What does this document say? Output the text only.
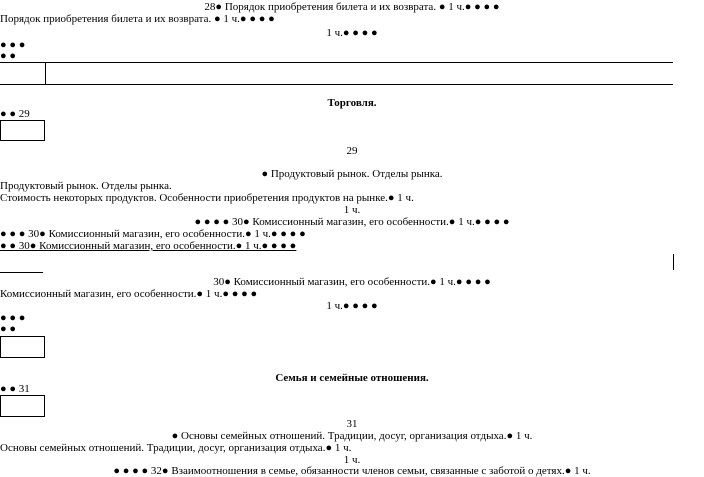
28● Порядок приобретения билета и их возврата. ● 1 ч.● ● ● ●
Порядок приобретения билета и их возврата. ● 1 ч.● ● ● ●
1 ч.● ● ● ●
● ● ●
● ●
Торговля.
● ● 29
29
● Продуктовый рынок. Отделы рынка.
Продуктовый рынок. Отделы рынка.
Стоимость некоторых продуктов. Особенности приобретения продуктов на рынке.● 1 ч.
1 ч.
● ● ● ● 30● Комиссионный магазин, его особенности.● 1 ч.● ● ● ●
● ● ● 30● Комиссионный магазин, его особенности.● 1 ч.● ● ● ●
● ● 30● Комиссионный магазин, его особенности.● 1 ч.● ● ● ●
30● Комиссионный магазин, его особенности.● 1 ч.● ● ● ●
Комиссионный магазин, его особенности.● 1 ч.● ● ● ●
1 ч.● ● ● ●
● ● ●
● ●
Семья и семейные отношения.
● ● 31
31
● Основы семейных отношений. Традиции, досуг, организация отдыха.● 1 ч.
Основы семейных отношений. Традиции, досуг, организация отдыха.● 1 ч.
1 ч.
● ● ● ● 32● Взаимоотношения в семье, обязанности членов семьи, связанные с заботой о детях.● 1 ч.
